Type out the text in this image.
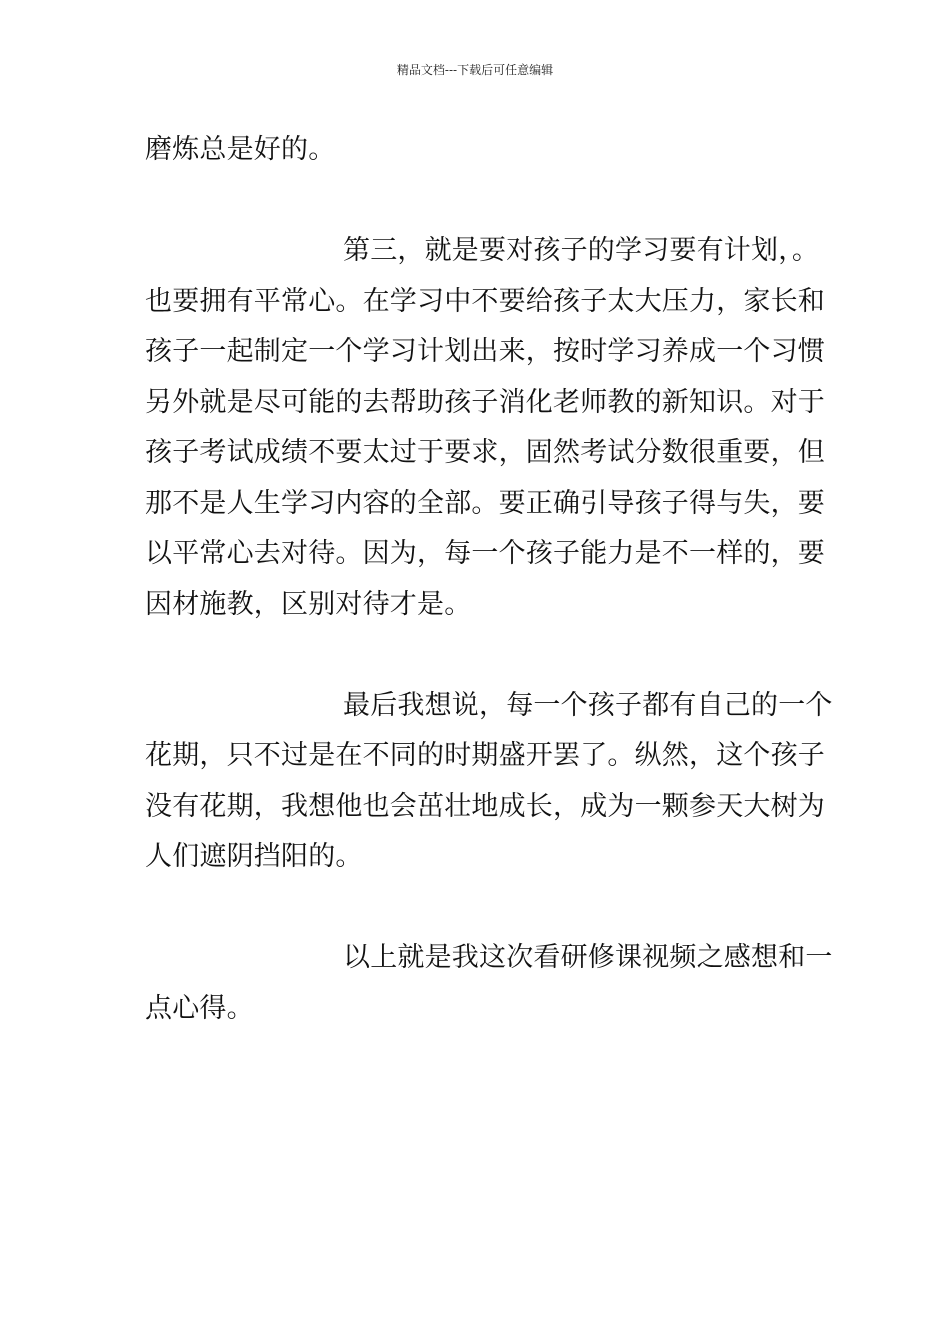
精品文档---下载后可任意编辑
磨炼总是好的。
第三，就是要对孩子的学习要有计划，。
也要拥有平常心。在学习中不要给孩子太大压力，家长和
孩子一起制定一个学习计划出来，按时学习养成一个习惯
另外就是尽可能的去帮助孩子消化老师教的新知识。对于
孩子考试成绩不要太过于要求，固然考试分数很重要，但
那不是人生学习内容的全部。要正确引导孩子得与失，要
以平常心去对待。因为，每一个孩子能力是不一样的，要
因材施教，区别对待才是。
最后我想说，每一个孩子都有自己的一个
花期，只不过是在不同的时期盛开罢了。纵然，这个孩子
没有花期，我想他也会茁壮地成长，成为一颗参天大树为
人们遮阴挡阳的。
以上就是我这次看研修课视频之感想和一
点心得。
